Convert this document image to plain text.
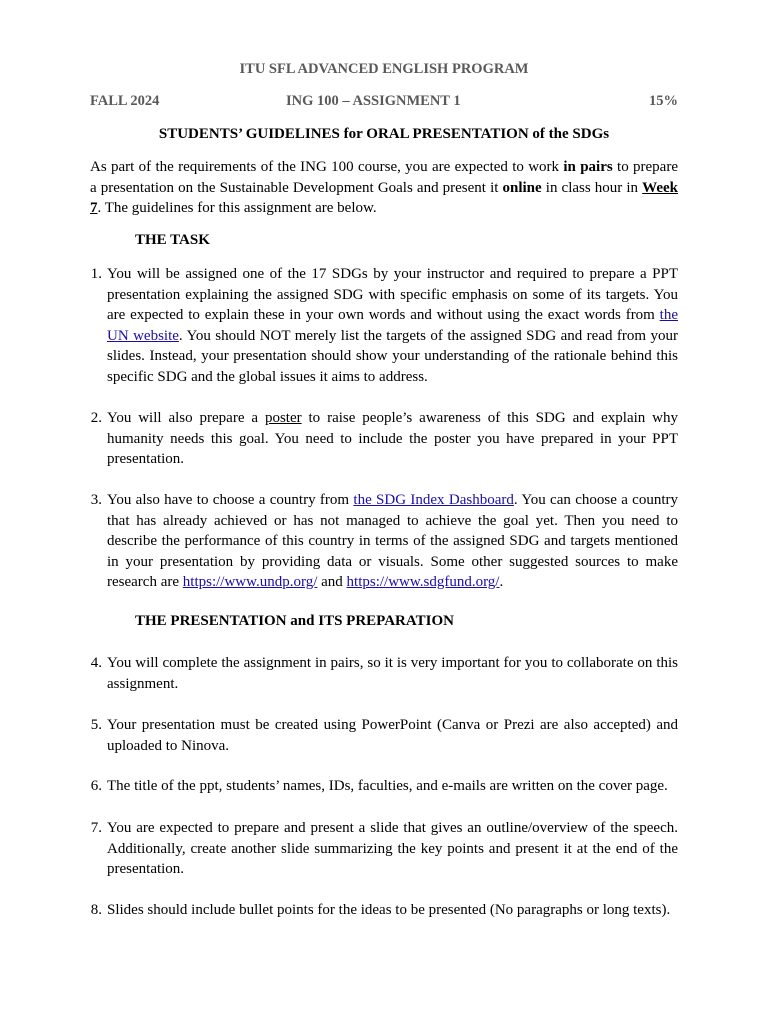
ITU SFL ADVANCED ENGLISH PROGRAM
FALL 2024	ING 100 – ASSIGNMENT 1	15%
STUDENTS’ GUIDELINES for ORAL PRESENTATION of the SDGs
As part of the requirements of the ING 100 course, you are expected to work in pairs to prepare a presentation on the Sustainable Development Goals and present it online in class hour in Week 7. The guidelines for this assignment are below.
THE TASK
1. You will be assigned one of the 17 SDGs by your instructor and required to prepare a PPT presentation explaining the assigned SDG with specific emphasis on some of its targets. You are expected to explain these in your own words and without using the exact words from the UN website. You should NOT merely list the targets of the assigned SDG and read from your slides. Instead, your presentation should show your understanding of the rationale behind this specific SDG and the global issues it aims to address.
2. You will also prepare a poster to raise people’s awareness of this SDG and explain why humanity needs this goal. You need to include the poster you have prepared in your PPT presentation.
3. You also have to choose a country from the SDG Index Dashboard. You can choose a country that has already achieved or has not managed to achieve the goal yet. Then you need to describe the performance of this country in terms of the assigned SDG and targets mentioned in your presentation by providing data or visuals. Some other suggested sources to make research are https://www.undp.org/ and https://www.sdgfund.org/.
THE PRESENTATION and ITS PREPARATION
4. You will complete the assignment in pairs, so it is very important for you to collaborate on this assignment.
5. Your presentation must be created using PowerPoint (Canva or Prezi are also accepted) and uploaded to Ninova.
6. The title of the ppt, students’ names, IDs, faculties, and e-mails are written on the cover page.
7. You are expected to prepare and present a slide that gives an outline/overview of the speech. Additionally, create another slide summarizing the key points and present it at the end of the presentation.
8. Slides should include bullet points for the ideas to be presented (No paragraphs or long texts).
